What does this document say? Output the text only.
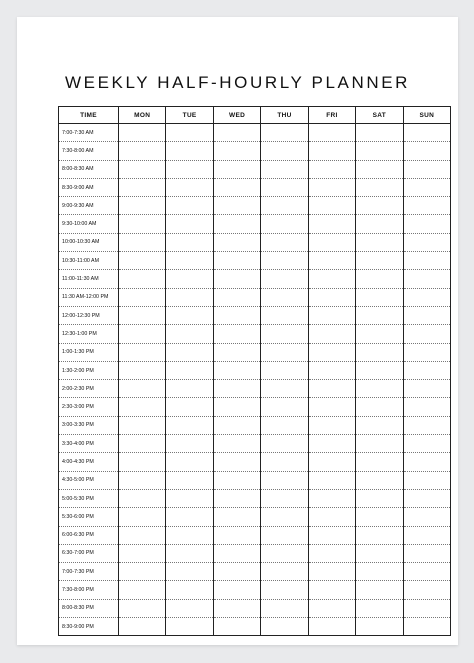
WEEKLY HALF-HOURLY PLANNER
TIME	MON	TUE	WED	THU	FRI	SAT	SUN
7:00-7:30 AM							
7:30-8:00 AM							
8:00-8:30 AM							
8:30-9:00 AM							
9:00-9:30 AM							
9:30-10:00 AM							
10:00-10:30 AM							
10:30-11:00 AM							
11:00-11:30 AM							
11:30 AM-12:00 PM							
12:00-12:30 PM							
12:30-1:00 PM							
1:00-1:30 PM							
1:30-2:00 PM							
2:00-2:30 PM							
2:30-3:00 PM							
3:00-3:30 PM							
3:30-4:00 PM							
4:00-4:30 PM							
4:30-5:00 PM							
5:00-5:30 PM							
5:30-6:00 PM							
6:00-6:30 PM							
6:30-7:00 PM							
7:00-7:30 PM							
7:30-8:00 PM							
8:00-8:30 PM							
8:30-9:00 PM							
